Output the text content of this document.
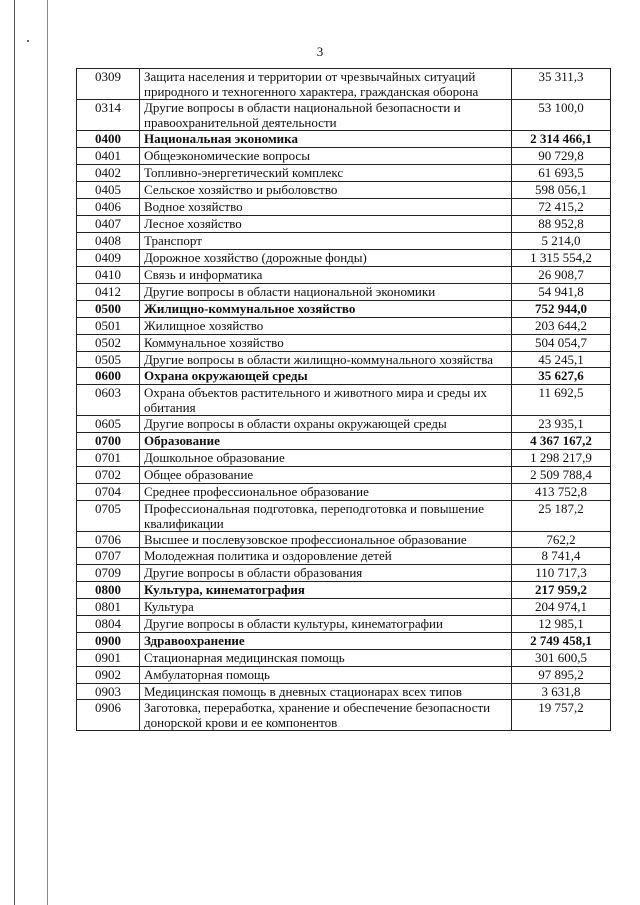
3
0309	Защита населения и территории от чрезвычайных ситуаций природного и техногенного характера, гражданская оборона	35 311,3
0314	Другие вопросы в области национальной безопасности и правоохранительной деятельности	53 100,0
0400	Национальная экономика	2 314 466,1
0401	Общеэкономические вопросы	90 729,8
0402	Топливно-энергетический комплекс	61 693,5
0405	Сельское хозяйство и рыболовство	598 056,1
0406	Водное хозяйство	72 415,2
0407	Лесное хозяйство	88 952,8
0408	Транспорт	5 214,0
0409	Дорожное хозяйство (дорожные фонды)	1 315 554,2
0410	Связь и информатика	26 908,7
0412	Другие вопросы в области национальной экономики	54 941,8
0500	Жилищно-коммунальное хозяйство	752 944,0
0501	Жилищное хозяйство	203 644,2
0502	Коммунальное хозяйство	504 054,7
0505	Другие вопросы в области жилищно-коммунального хозяйства	45 245,1
0600	Охрана окружающей среды	35 627,6
0603	Охрана объектов растительного и животного мира и среды их обитания	11 692,5
0605	Другие вопросы в области охраны окружающей среды	23 935,1
0700	Образование	4 367 167,2
0701	Дошкольное образование	1 298 217,9
0702	Общее образование	2 509 788,4
0704	Среднее профессиональное образование	413 752,8
0705	Профессиональная подготовка, переподготовка и повышение квалификации	25 187,2
0706	Высшее и послевузовское профессиональное образование	762,2
0707	Молодежная политика и оздоровление детей	8 741,4
0709	Другие вопросы в области образования	110 717,3
0800	Культура, кинематография	217 959,2
0801	Культура	204 974,1
0804	Другие вопросы в области культуры, кинематографии	12 985,1
0900	Здравоохранение	2 749 458,1
0901	Стационарная медицинская помощь	301 600,5
0902	Амбулаторная помощь	97 895,2
0903	Медицинская помощь в дневных стационарах всех типов	3 631,8
0906	Заготовка, переработка, хранение и обеспечение безопасности донорской крови и ее компонентов	19 757,2
